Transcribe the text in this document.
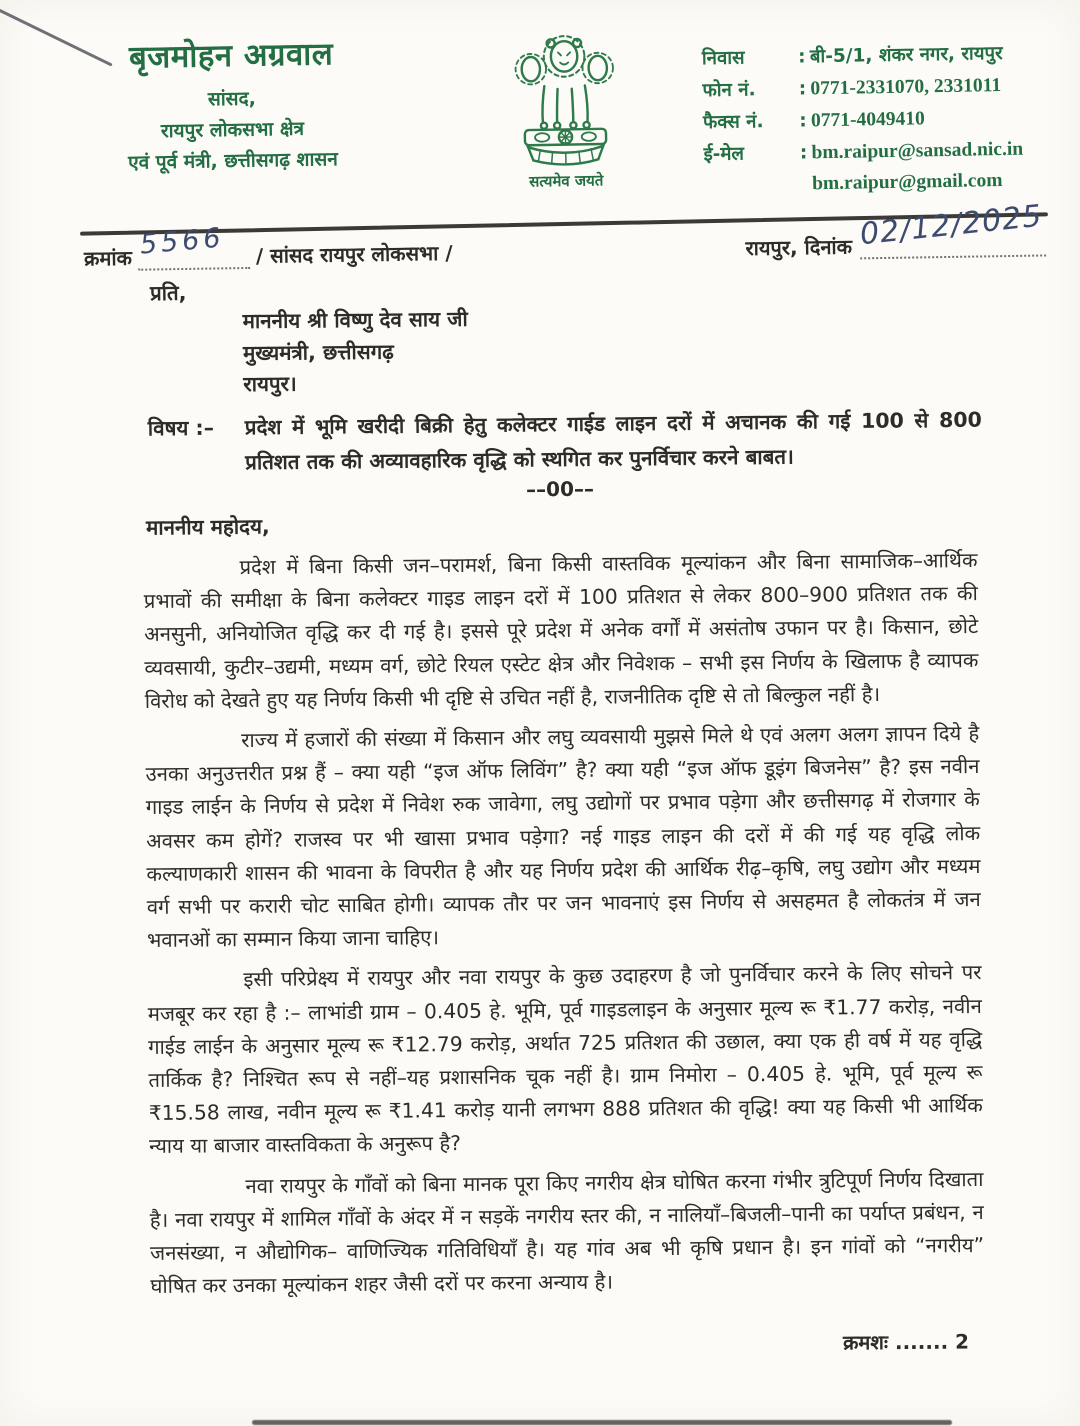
बृजमोहन अग्रवाल
सांसद,
रायपुर लोकसभा क्षेत्र
एवं पूर्व मंत्री, छत्तीसगढ़ शासन
सत्यमेव जयते
निवास	: बी-5/1, शंकर नगर, रायपुर
फोन नं.	: 0771-2331070, 2331011
फैक्स नं.	: 0771-4049410
ई-मेल	: bm.raipur@sansad.nic.in
bm.raipur@gmail.com
क्रमांक 5566 / सांसद रायपुर लोकसभा /	रायपुर, दिनांक 02/12/2025
प्रति,
माननीय श्री विष्णु देव साय जी
मुख्यमंत्री, छत्तीसगढ़
रायपुर।
विषय :–	प्रदेश में भूमि खरीदी बिक्री हेतु कलेक्टर गाईड लाइन दरों में अचानक की गई 100 से 800 प्रतिशत तक की अव्यावहारिक वृद्धि को स्थगित कर पुनर्विचार करने बाबत।
––00––
माननीय महोदय,

प्रदेश में बिना किसी जन–परामर्श, बिना किसी वास्तविक मूल्यांकन और बिना सामाजिक–आर्थिक प्रभावों की समीक्षा के बिना कलेक्टर गाइड लाइन दरों में 100 प्रतिशत से लेकर 800–900 प्रतिशत तक की अनसुनी, अनियोजित वृद्धि कर दी गई है। इससे पूरे प्रदेश में अनेक वर्गों में असंतोष उफान पर है। किसान, छोटे व्यवसायी, कुटीर–उद्यमी, मध्यम वर्ग, छोटे रियल एस्टेट क्षेत्र और निवेशक – सभी इस निर्णय के खिलाफ है व्यापक विरोध को देखते हुए यह निर्णय किसी भी दृष्टि से उचित नहीं है, राजनीतिक दृष्टि से तो बिल्कुल नहीं है।

राज्य में हजारों की संख्या में किसान और लघु व्यवसायी मुझसे मिले थे एवं अलग अलग ज्ञापन दिये है उनका अनुउत्तरीत प्रश्न हैं – क्या यही “इज ऑफ लिविंग” है? क्या यही “इज ऑफ डूइंग बिजनेस” है? इस नवीन गाइड लाईन के निर्णय से प्रदेश में निवेश रुक जावेगा, लघु उद्योगों पर प्रभाव पड़ेगा और छत्तीसगढ़ में रोजगार के अवसर कम होगें? राजस्व पर भी खासा प्रभाव पड़ेगा? नई गाइड लाइन की दरों में की गई यह वृद्धि लोक कल्याणकारी शासन की भावना के विपरीत है और यह निर्णय प्रदेश की आर्थिक रीढ़–कृषि, लघु उद्योग और मध्यम वर्ग सभी पर करारी चोट साबित होगी। व्यापक तौर पर जन भावनाएं इस निर्णय से असहमत है लोकतंत्र में जन भवानओं का सम्मान किया जाना चाहिए।

इसी परिप्रेक्ष्य में रायपुर और नवा रायपुर के कुछ उदाहरण है जो पुनर्विचार करने के लिए सोचने पर मजबूर कर रहा है :– लाभांडी ग्राम – 0.405 हे. भूमि, पूर्व गाइडलाइन के अनुसार मूल्य रू ₹1.77 करोड़, नवीन गाईड लाईन के अनुसार मूल्य रू ₹12.79 करोड़, अर्थात 725 प्रतिशत की उछाल, क्या एक ही वर्ष में यह वृद्धि तार्किक है? निश्चित रूप से नहीं–यह प्रशासनिक चूक नहीं है। ग्राम निमोरा – 0.405 हे. भूमि, पूर्व मूल्य रू ₹15.58 लाख, नवीन मूल्य रू ₹1.41 करोड़ यानी लगभग 888 प्रतिशत की वृद्धि! क्या यह किसी भी आर्थिक न्याय या बाजार वास्तविकता के अनुरूप है?

नवा रायपुर के गाँवों को बिना मानक पूरा किए नगरीय क्षेत्र घोषित करना गंभीर त्रुटिपूर्ण निर्णय दिखाता है। नवा रायपुर में शामिल गाँवों के अंदर में न सड़कें नगरीय स्तर की, न नालियाँ–बिजली–पानी का पर्याप्त प्रबंधन, न जनसंख्या, न औद्योगिक– वाणिज्यिक गतिविधियाँ है। यह गांव अब भी कृषि प्रधान है। इन गांवों को “नगरीय” घोषित कर उनका मूल्यांकन शहर जैसी दरों पर करना अन्याय है।

क्रमशः ....... 2
